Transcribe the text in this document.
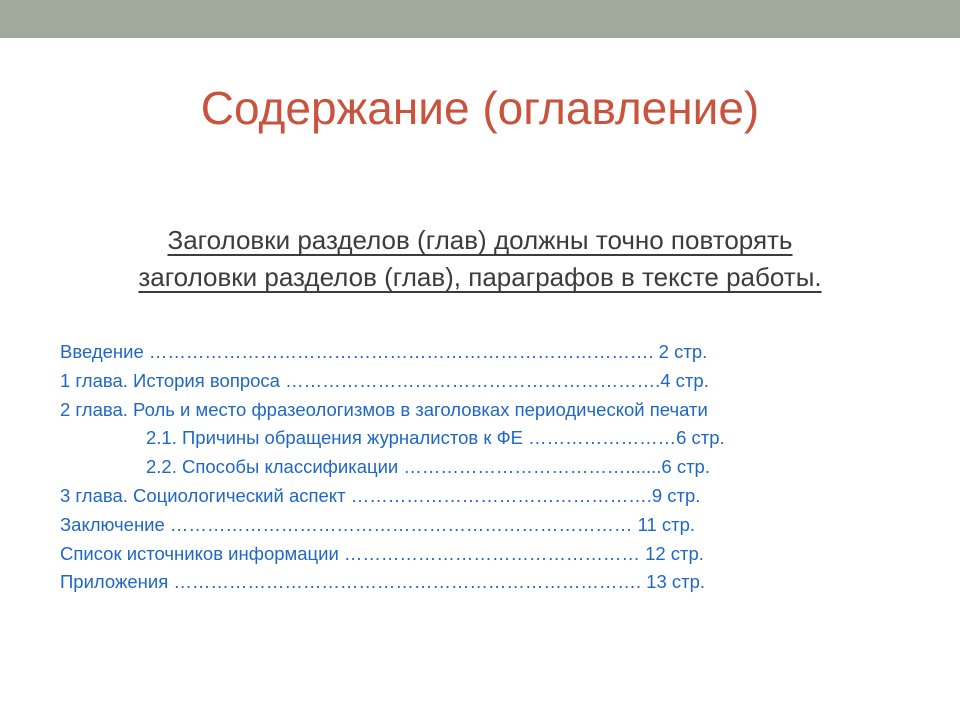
Содержание (оглавление)
Заголовки разделов (глав) должны точно повторять
заголовки разделов (глав), параграфов в тексте работы.
Введение ………………………………………………………………………. 2 стр.
1 глава. История вопроса …………………………………………………….4 стр.
2 глава. Роль и место фразеологизмов в заголовках периодической печати
2.1. Причины обращения журналистов к ФЕ ……………………6 стр.
2.2. Способы классификации ……………………………….......6 стр.
3 глава. Социологический аспект ………………………………………….9 стр.
Заключение ………………………………………………………………… 11 стр.
Список источников информации ………………………………………… 12 стр.
Приложения …………………………………………………………………. 13 стр.
